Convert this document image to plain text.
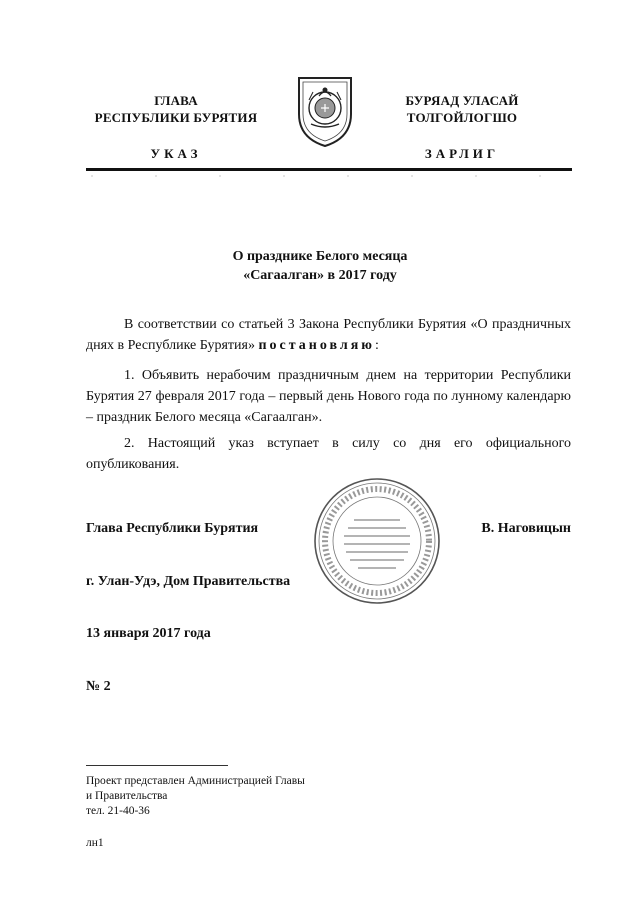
ГЛАВА
РЕСПУБЛИКИ БУРЯТИЯ
БУРЯАД УЛАСАЙ
ТОЛГОЙЛОГШО
УКАЗ	ЗАРЛИГ
О празднике Белого месяца
«Сагаалган» в 2017 году
В соответствии со статьей 3 Закона Республики Бурятия «О праздничных днях в Республике Бурятия» постановляю:
1. Объявить нерабочим праздничным днем на территории Республики Бурятия 27 февраля 2017 года – первый день Нового года по лунному календарю – праздник Белого месяца «Сагаалган».
2. Настоящий указ вступает в силу со дня его официального опубликования.
Глава Республики Бурятия	В. Наговицын
г. Улан-Удэ, Дом Правительства
13 января 2017 года
№ 2
Проект представлен Администрацией Главы
и Правительства
тел. 21-40-36
лн1
